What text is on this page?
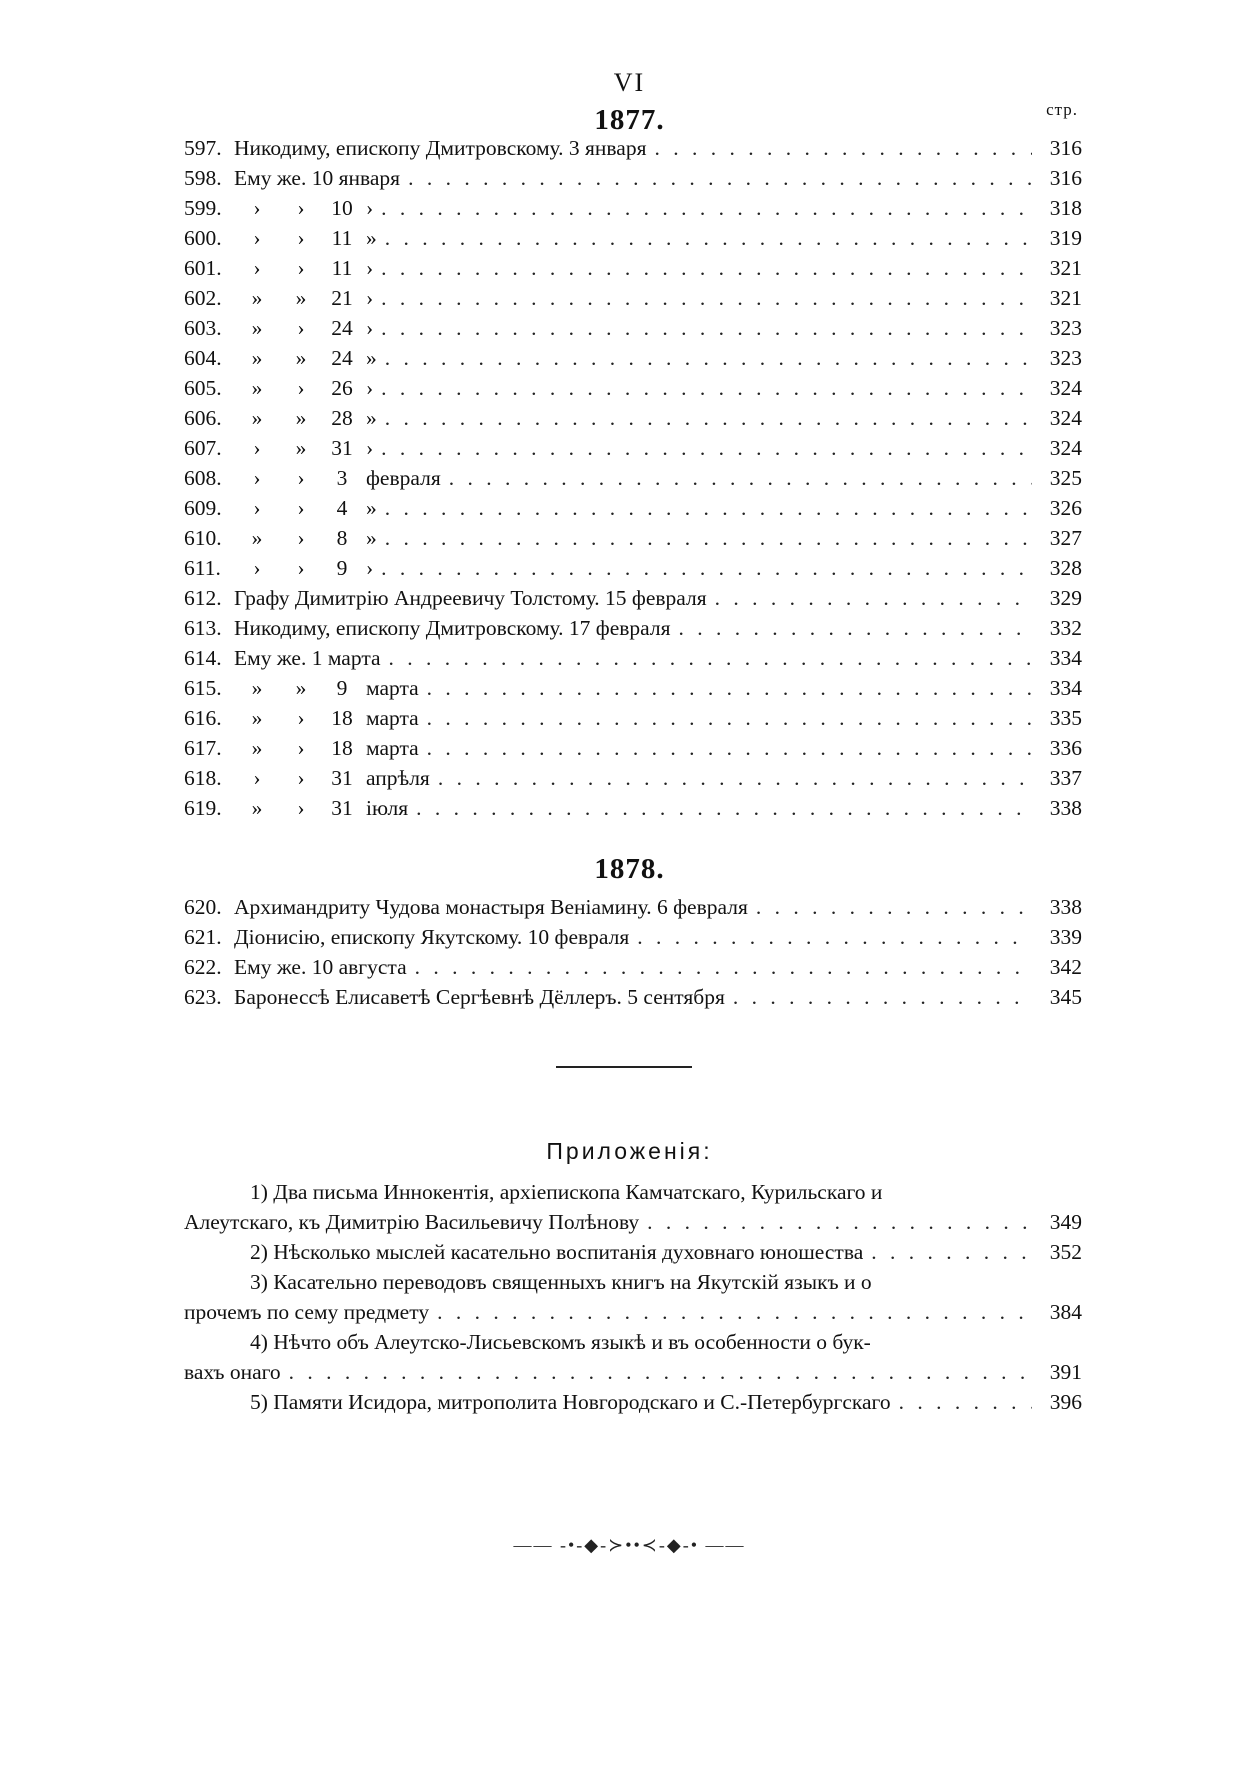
VI
стр.
1877.
597. Никодиму, епископу Дмитровскому. 3 января . . .	316
598. Ему же. 10 января . . .	316
599.	›	›	10 › . . .	318
600.	›	›	11 » . . .	319
601.	›	›	11 › . . .	321
602.	»	»	21 › . . .	321
603.	»	›	24 › . . .	323
604.	»	»	24 » . . .	323
605.	»	›	26 › . . .	324
606.	»	»	28 » . . .	324
607.	›	»	31 › . . .	324
608.	›	›	3 февраля . . .	325
609.	›	›	4 » . . .	326
610.	»	›	8 » . . .	327
611.	›	›	9 › . . .	328
612. Графу Димитрію Андреевичу Толстому. 15 февраля . . .	329
613. Никодиму, епископу Дмитровскому. 17 февраля . . .	332
614. Ему же. 1 марта . . .	334
615.	»	»	9 марта . . .	334
616.	»	›	18 марта . . .	335
617.	»	›	18 марта . . .	336
618.	›	›	31 апрѣля . . .	337
619.	»	›	31 іюля . . .	338
1878.
620. Архимандриту Чудова монастыря Веніамину. 6 февраля . . .	338
621. Діонисію, епископу Якутскому. 10 февраля . . .	339
622. Ему же. 10 августа . . .	342
623. Баронессѣ Елисаветѣ Сергѣевнѣ Дёллеръ. 5 сентября . . .	345
Приложенія:
1) Два письма Иннокентія, архіепископа Камчатскаго, Курильскаго и
Алеутскаго, къ Димитрію Васильевичу Полѣнову . . .	349
2) Нѣсколько мыслей касательно воспитанія духовнаго юношества . . .	352
3) Касательно переводовъ священныхъ книгъ на Якутскій языкъ и о
прочемъ по сему предмету . . .	384
4) Нѣчто объ Алеутско-Лисьевскомъ языкѣ и въ особенности о бук-
вахъ онаго . . .	391
5) Памяти Исидора, митрополита Новгородскаго и С.-Петербургскаго . . .	396
—— -•-◆-≻••≺-◆-• ——
